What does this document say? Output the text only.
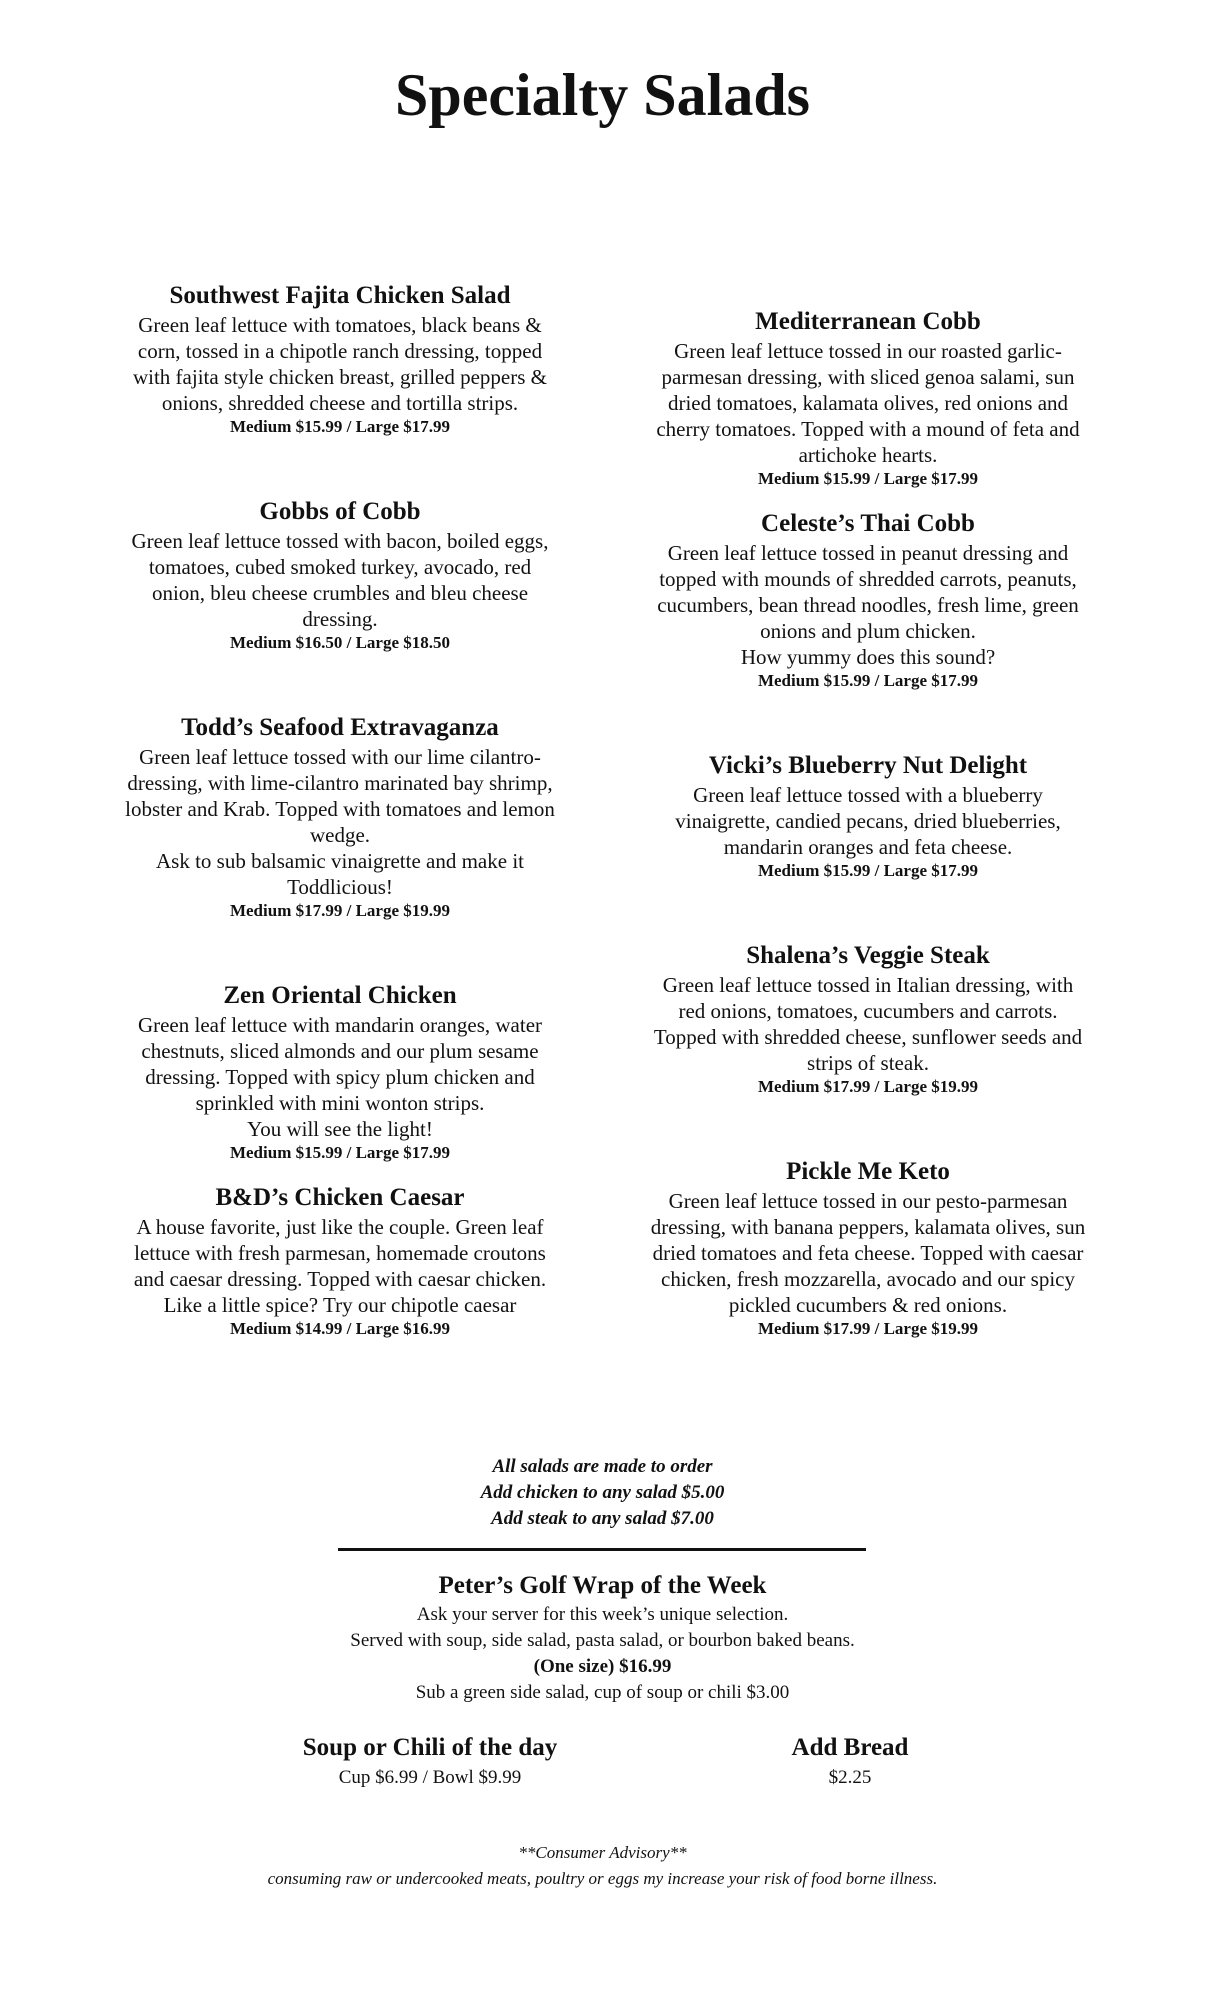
Specialty Salads
Southwest Fajita Chicken Salad
Green leaf lettuce with tomatoes, black beans &
corn, tossed in a chipotle ranch dressing, topped
with fajita style chicken breast, grilled peppers &
onions, shredded cheese and tortilla strips.
Medium $15.99 / Large $17.99
Gobbs of Cobb
Green leaf lettuce tossed with bacon, boiled eggs,
tomatoes, cubed smoked turkey, avocado, red
onion, bleu cheese crumbles and bleu cheese
dressing.
Medium $16.50 / Large $18.50
Todd’s Seafood Extravaganza
Green leaf lettuce tossed with our lime cilantro-
dressing, with lime-cilantro marinated bay shrimp,
lobster and Krab. Topped with tomatoes and lemon
wedge.
Ask to sub balsamic vinaigrette and make it
Toddlicious!
Medium $17.99 / Large $19.99
Zen Oriental Chicken
Green leaf lettuce with mandarin oranges, water
chestnuts, sliced almonds and our plum sesame
dressing. Topped with spicy plum chicken and
sprinkled with mini wonton strips.
You will see the light!
Medium $15.99 / Large $17.99
B&D’s Chicken Caesar
A house favorite, just like the couple. Green leaf
lettuce with fresh parmesan, homemade croutons
and caesar dressing. Topped with caesar chicken.
Like a little spice? Try our chipotle caesar
Medium $14.99 / Large $16.99
Mediterranean Cobb
Green leaf lettuce tossed in our roasted garlic-
parmesan dressing, with sliced genoa salami, sun
dried tomatoes, kalamata olives, red onions and
cherry tomatoes. Topped with a mound of feta and
artichoke hearts.
Medium $15.99 / Large $17.99
Celeste’s Thai Cobb
Green leaf lettuce tossed in peanut dressing and
topped with mounds of shredded carrots, peanuts,
cucumbers, bean thread noodles, fresh lime, green
onions and plum chicken.
How yummy does this sound?
Medium $15.99 / Large $17.99
Vicki’s Blueberry Nut Delight
Green leaf lettuce tossed with a blueberry
vinaigrette, candied pecans, dried blueberries,
mandarin oranges and feta cheese.
Medium $15.99 / Large $17.99
Shalena’s Veggie Steak
Green leaf lettuce tossed in Italian dressing, with
red onions, tomatoes, cucumbers and carrots.
Topped with shredded cheese, sunflower seeds and
strips of steak.
Medium $17.99 / Large $19.99
Pickle Me Keto
Green leaf lettuce tossed in our pesto-parmesan
dressing, with banana peppers, kalamata olives, sun
dried tomatoes and feta cheese. Topped with caesar
chicken, fresh mozzarella, avocado and our spicy
pickled cucumbers & red onions.
Medium $17.99 / Large $19.99
All salads are made to order
Add chicken to any salad $5.00
Add steak to any salad $7.00
Peter’s Golf Wrap of the Week
Ask your server for this week’s unique selection.
Served with soup, side salad, pasta salad, or bourbon baked beans.
(One size) $16.99
Sub a green side salad, cup of soup or chili $3.00
Soup or Chili of the day
Cup $6.99 / Bowl $9.99
Add Bread
$2.25
**Consumer Advisory**
consuming raw or undercooked meats, poultry or eggs my increase your risk of food borne illness.
